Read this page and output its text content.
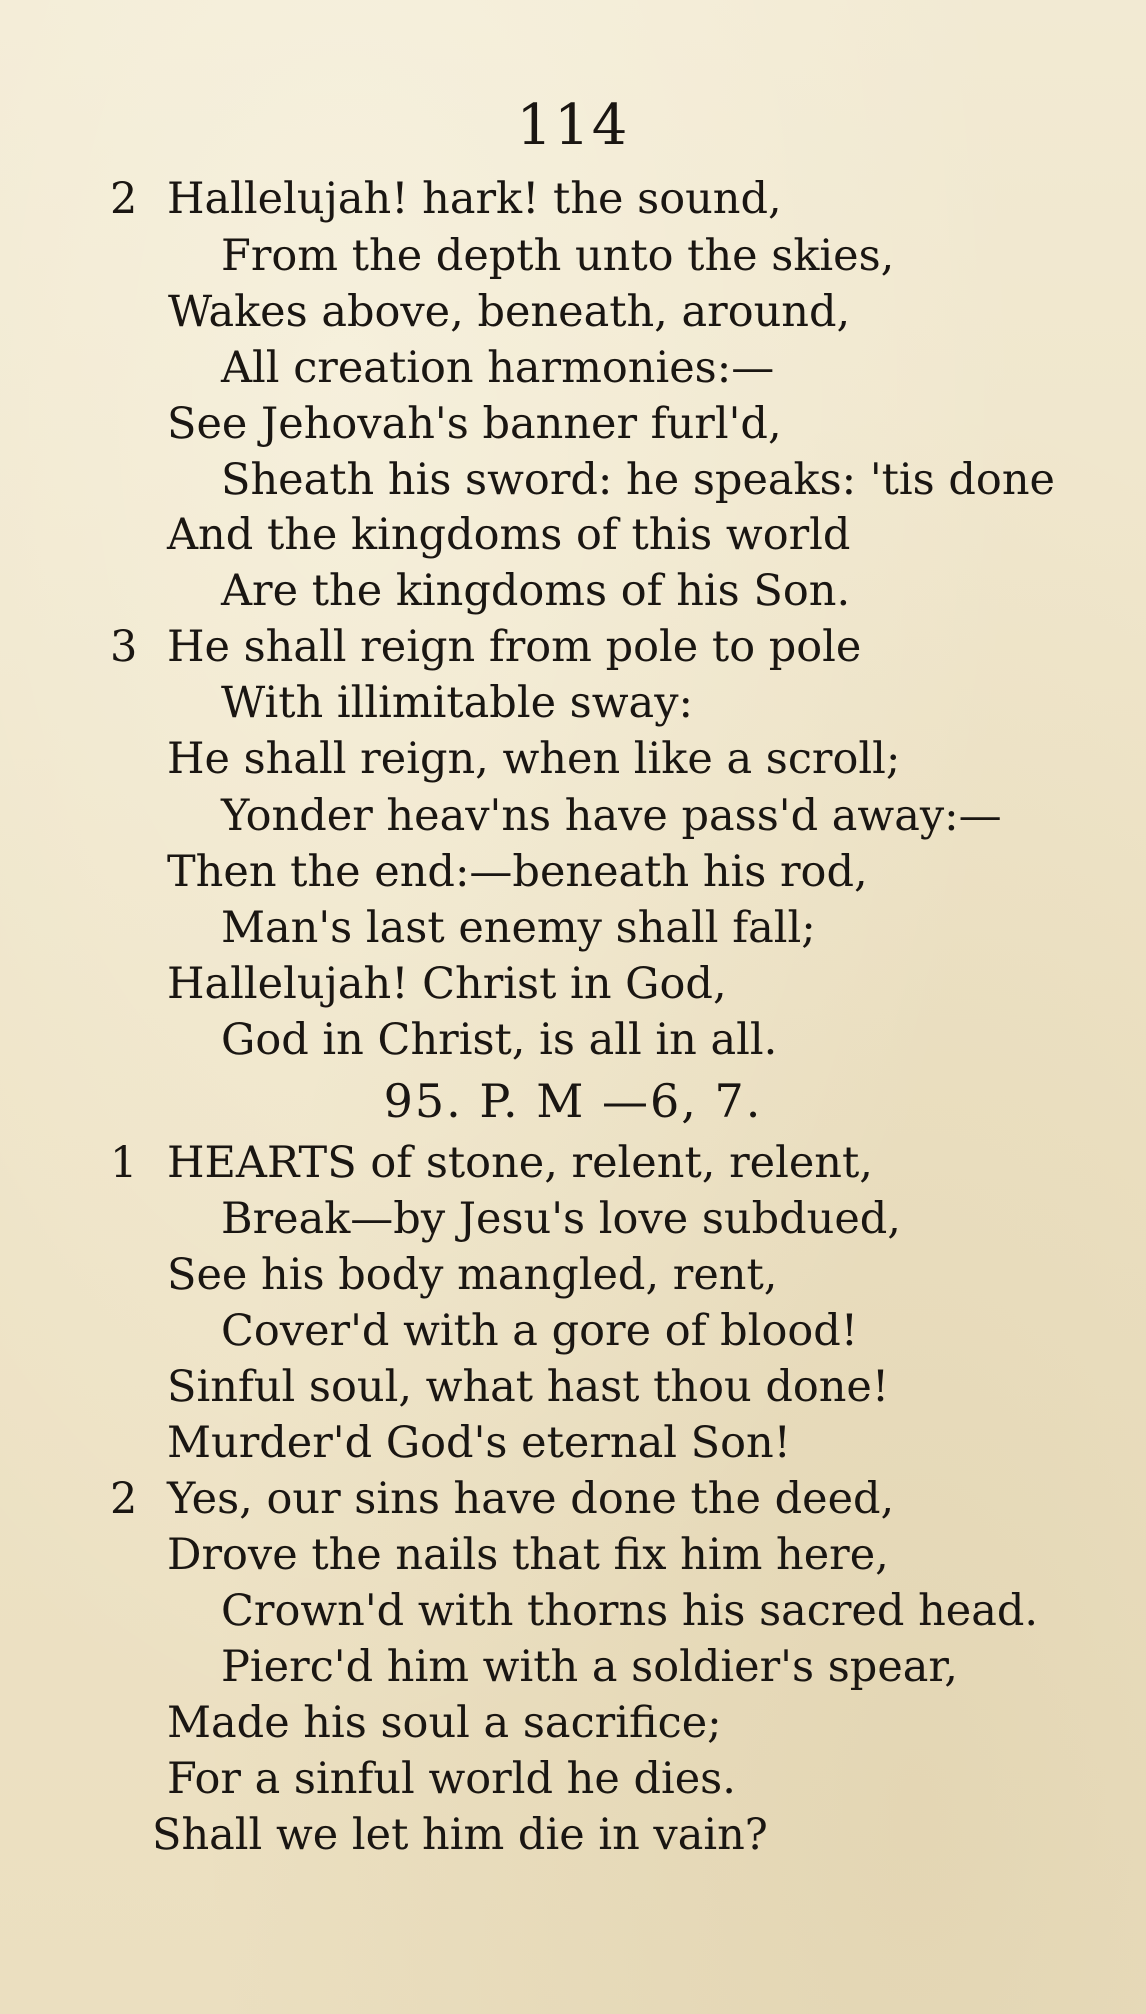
114
2 Hallelujah! hark! the sound,
From the depth unto the skies,
Wakes above, beneath, around,
All creation harmonies:—
See Jehovah's banner furl'd,
Sheath his sword: he speaks: 'tis done
And the kingdoms of this world
Are the kingdoms of his Son.
3 He shall reign from pole to pole
With illimitable sway:
He shall reign, when like a scroll;
Yonder heav'ns have pass'd away:—
Then the end:—beneath his rod,
Man's last enemy shall fall;
Hallelujah! Christ in God,
God in Christ, is all in all.
95. P. M —6, 7.
1 HEARTS of stone, relent, relent,
Break—by Jesu's love subdued,
See his body mangled, rent,
Cover'd with a gore of blood!
Sinful soul, what hast thou done!
Murder'd God's eternal Son!
2 Yes, our sins have done the deed,
Drove the nails that fix him here,
Crown'd with thorns his sacred head.
Pierc'd him with a soldier's spear,
Made his soul a sacrifice;
For a sinful world he dies.
Shall we let him die in vain?
